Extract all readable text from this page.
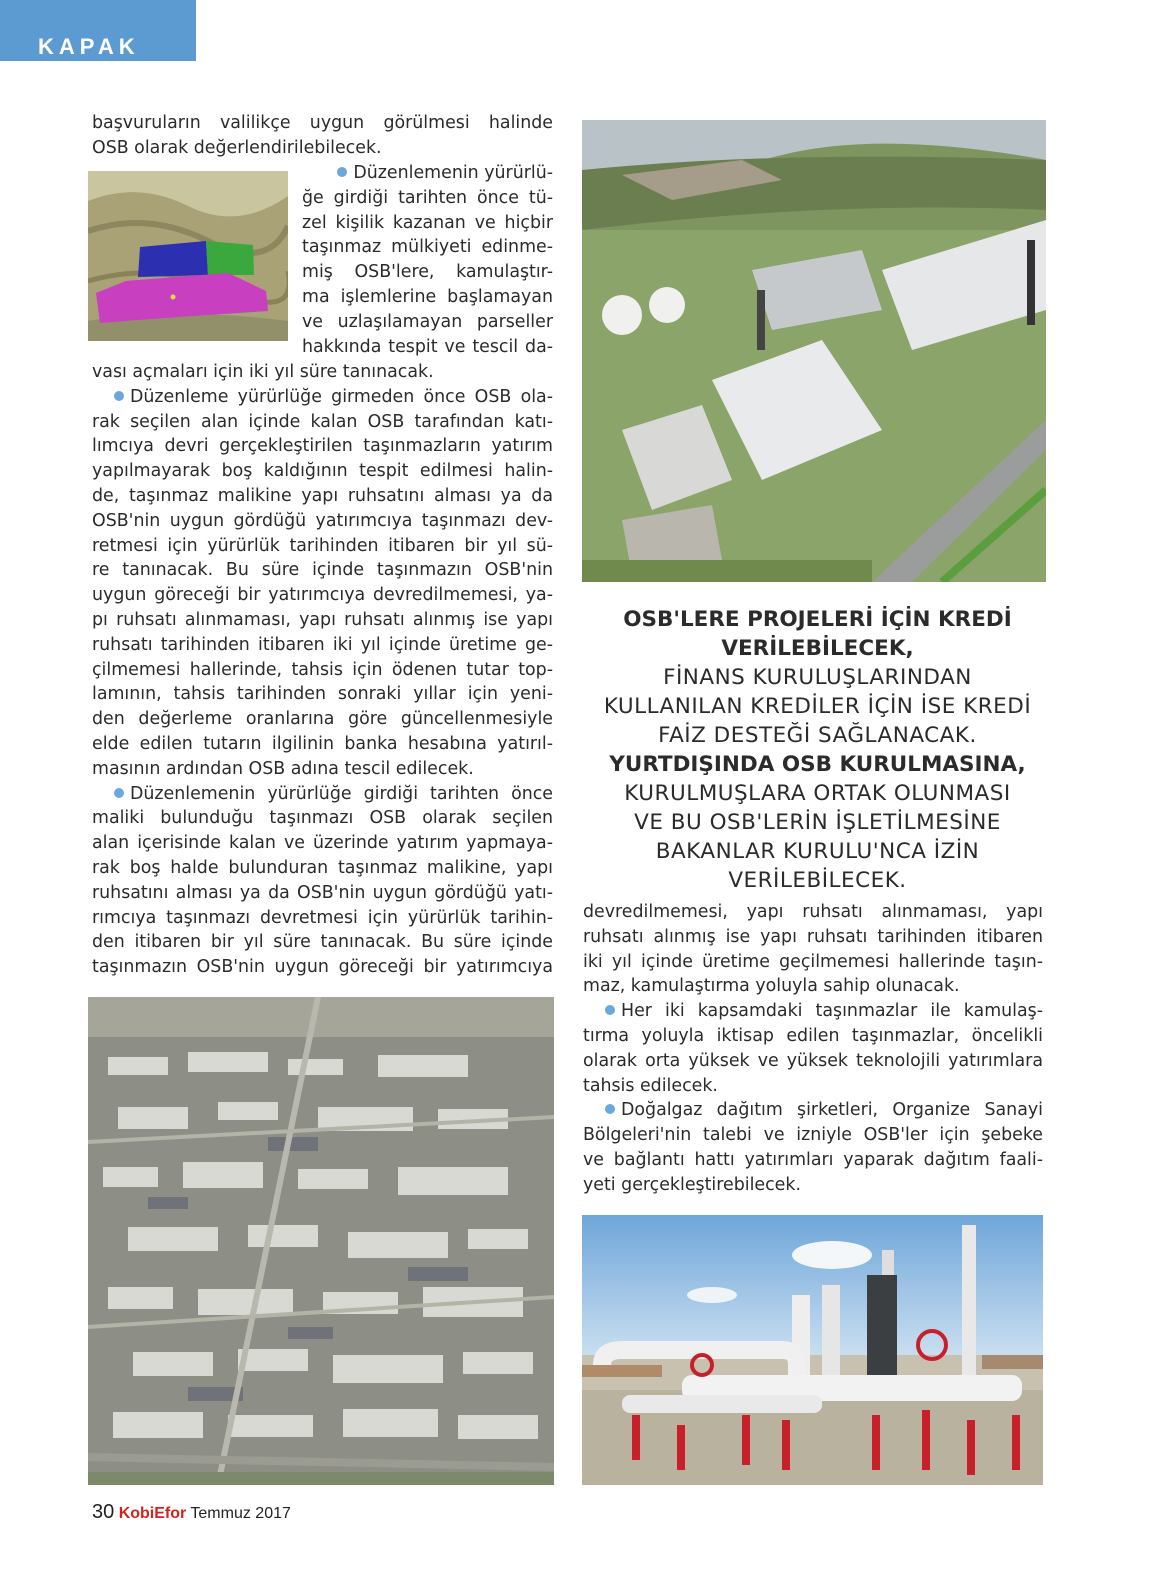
KAPAK

başvuruların valilikçe uygun görülmesi halinde

OSB olarak değerlendirilebilecek.

Düzenlemenin yürürlü-

ğe girdiği tarihten önce tü-

zel kişilik kazanan ve hiçbir

taşınmaz mülkiyeti edinme-

miş OSB'lere, kamulaştır-

ma işlemlerine başlamayan

ve uzlaşılamayan parseller

hakkında tespit ve tescil da-

vası açmaları için iki yıl süre tanınacak.

Düzenleme yürürlüğe girmeden önce OSB ola-

rak seçilen alan içinde kalan OSB tarafından katı-

lımcıya devri gerçekleştirilen taşınmazların yatırım

yapılmayarak boş kaldığının tespit edilmesi halin-

de, taşınmaz malikine yapı ruhsatını alması ya da

OSB'nin uygun gördüğü yatırımcıya taşınmazı dev-

retmesi için yürürlük tarihinden itibaren bir yıl sü-

re tanınacak. Bu süre içinde taşınmazın OSB'nin

uygun göreceği bir yatırımcıya devredilmemesi, ya-

pı ruhsatı alınmaması, yapı ruhsatı alınmış ise yapı

ruhsatı tarihinden itibaren iki yıl içinde üretime ge-

çilmemesi hallerinde, tahsis için ödenen tutar top-

lamının, tahsis tarihinden sonraki yıllar için yeni-

den değerleme oranlarına göre güncellenmesiyle

elde edilen tutarın ilgilinin banka hesabına yatırıl-

masının ardından OSB adına tescil edilecek.

Düzenlemenin yürürlüğe girdiği tarihten önce

maliki bulunduğu taşınmazı OSB olarak seçilen

alan içerisinde kalan ve üzerinde yatırım yapmaya-

rak boş halde bulunduran taşınmaz malikine, yapı

ruhsatını alması ya da OSB'nin uygun gördüğü yatı-

rımcıya taşınmazı devretmesi için yürürlük tarihin-

den itibaren bir yıl süre tanınacak. Bu süre içinde

taşınmazın OSB'nin uygun göreceği bir yatırımcıya

OSB'LERE PROJELERİ İÇİN KREDİ
VERİLEBİLECEK,
FİNANS KURULUŞLARINDAN
KULLANILAN KREDİLER İÇİN İSE KREDİ
FAİZ DESTEĞİ SAĞLANACAK.
YURTDIŞINDA OSB KURULMASINA,
KURULMUŞLARA ORTAK OLUNMASI
VE BU OSB'LERİN İŞLETİLMESİNE
BAKANLAR KURULU'NCA İZİN
VERİLEBİLECEK.

devredilmemesi, yapı ruhsatı alınmaması, yapı

ruhsatı alınmış ise yapı ruhsatı tarihinden itibaren

iki yıl içinde üretime geçilmemesi hallerinde taşın-

maz, kamulaştırma yoluyla sahip olunacak.

Her iki kapsamdaki taşınmazlar ile kamulaş-

tırma yoluyla iktisap edilen taşınmazlar, öncelikli

olarak orta yüksek ve yüksek teknolojili yatırımlara

tahsis edilecek.

Doğalgaz dağıtım şirketleri, Organize Sanayi

Bölgeleri'nin talebi ve izniyle OSB'ler için şebeke

ve bağlantı hattı yatırımları yaparak dağıtım faali-

yeti gerçekleştirebilecek.

30 KobiEfor Temmuz 2017
